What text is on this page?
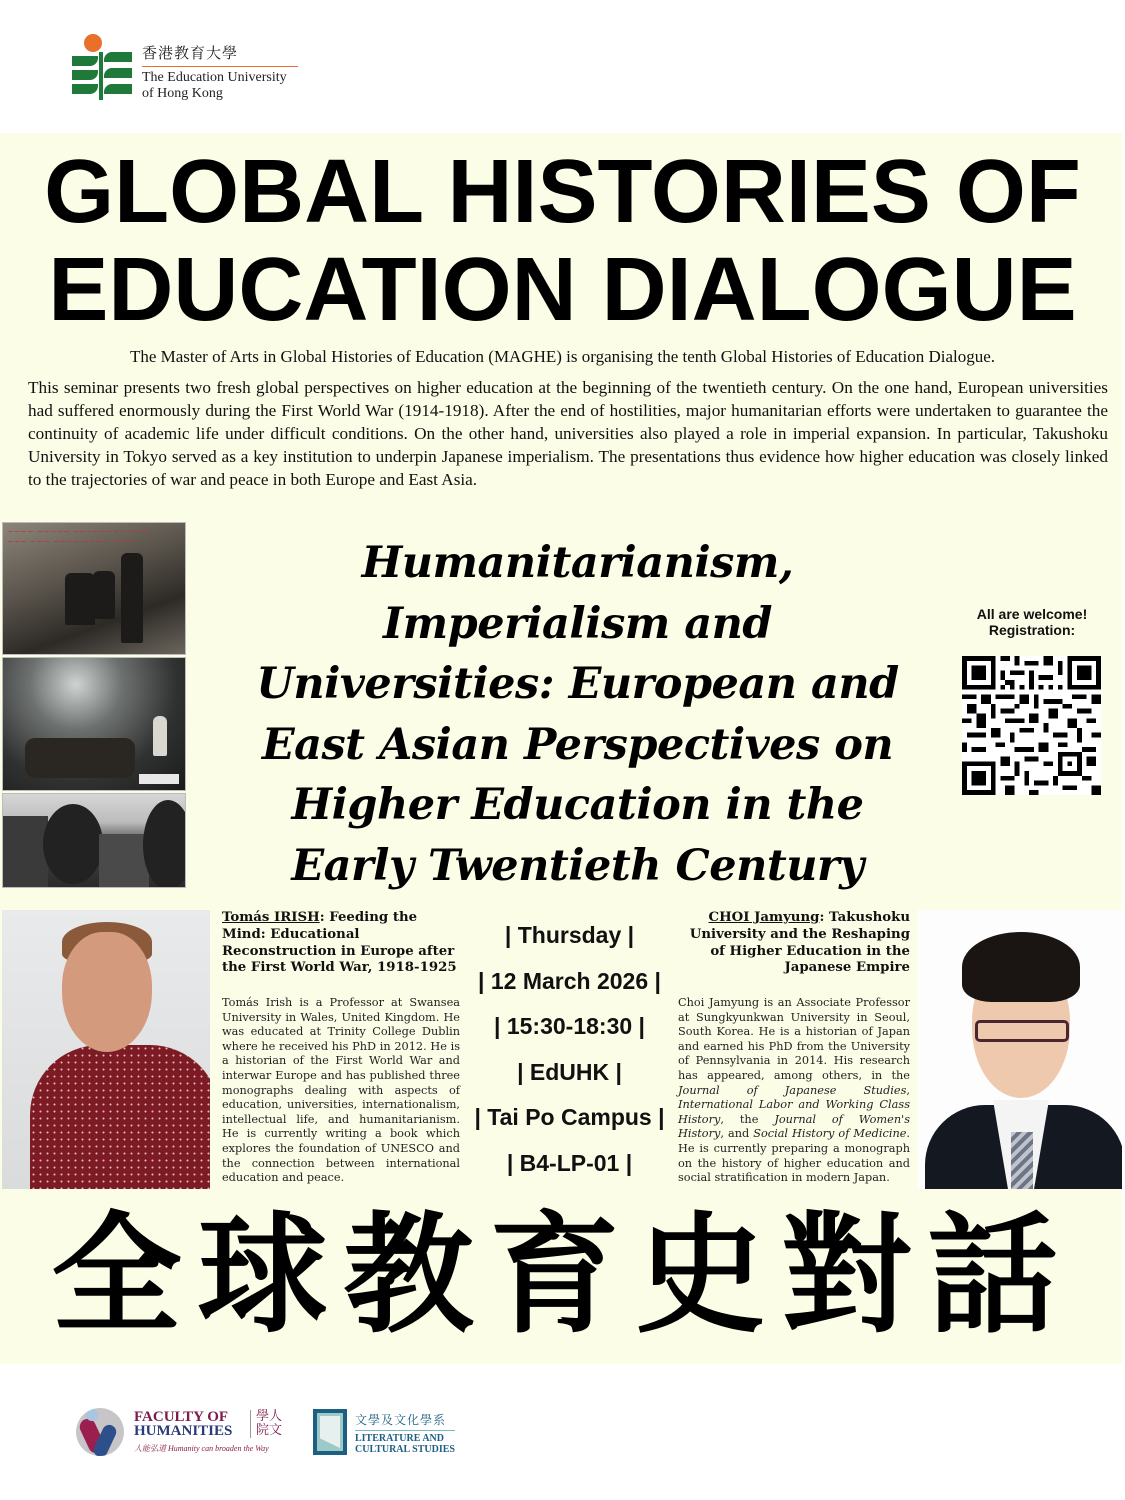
香港教育大學
The Education University
of Hong Kong
GLOBAL HISTORIES OF
EDUCATION DIALOGUE

The Master of Arts in Global Histories of Education (MAGHE) is organising the tenth Global Histories of Education Dialogue.

This seminar presents two fresh global perspectives on higher education at the beginning of the twentieth century. On the one hand, European universities had suffered enormously during the First World War (1914-1918). After the end of hostilities, major humanitarian efforts were undertaken to guarantee the continuity of academic life under difficult conditions. On the other hand, universities also played a role in imperial expansion. In particular, Takushoku University in Tokyo served as a key institution to underpin Japanese imperialism. The presentations thus evidence how higher education was closely linked to the trajectories of war and peace in both Europe and East Asia.

~~~~ ~~~~~ ~~~~~~~~ ~~~
~~~ ~~~ ~~~~ ~~~~ ~~~~	Humanitarianism,
Imperialism and
Universities: European and
East Asian Perspectives on
Higher Education in the
Early Twentieth Century
All are welcome!
Registration:
Tomás IRISH: Feeding the Mind: Educational Reconstruction in Europe after the First World War, 1918-1925

Tomás Irish is a Professor at Swansea University in Wales, United Kingdom. He was educated at Trinity College Dublin where he received his PhD in 2012. He is a historian of the First World War and interwar Europe and has published three monographs dealing with aspects of education, universities, internationalism, intellectual life, and humanitarianism. He is currently writing a book which explores the foundation of UNESCO and the connection between international education and peace.

| Thursday |
| 12 March 2026 |
| 15:30-18:30 |
| EdUHK |
| Tai Po Campus |
| B4-LP-01 |
CHOI Jamyung: Takushoku University and the Reshaping of Higher Education in the Japanese Empire

Choi Jamyung is an Associate Professor at Sungkyunkwan University in Seoul, South Korea. He is a historian of Japan and earned his PhD from the University of Pennsylvania in 2014. His research has appeared, among others, in the Journal of Japanese Studies, International Labor and Working Class History, the Journal of Women's History, and Social History of Medicine. He is currently preparing a monograph on the history of higher education and social stratification in modern Japan.

全球教育史對話
FACULTY OF
HUMANITIES
學人
院文
人能弘道 Humanity can broaden the Way
文學及文化學系
LITERATURE AND
CULTURAL STUDIES
